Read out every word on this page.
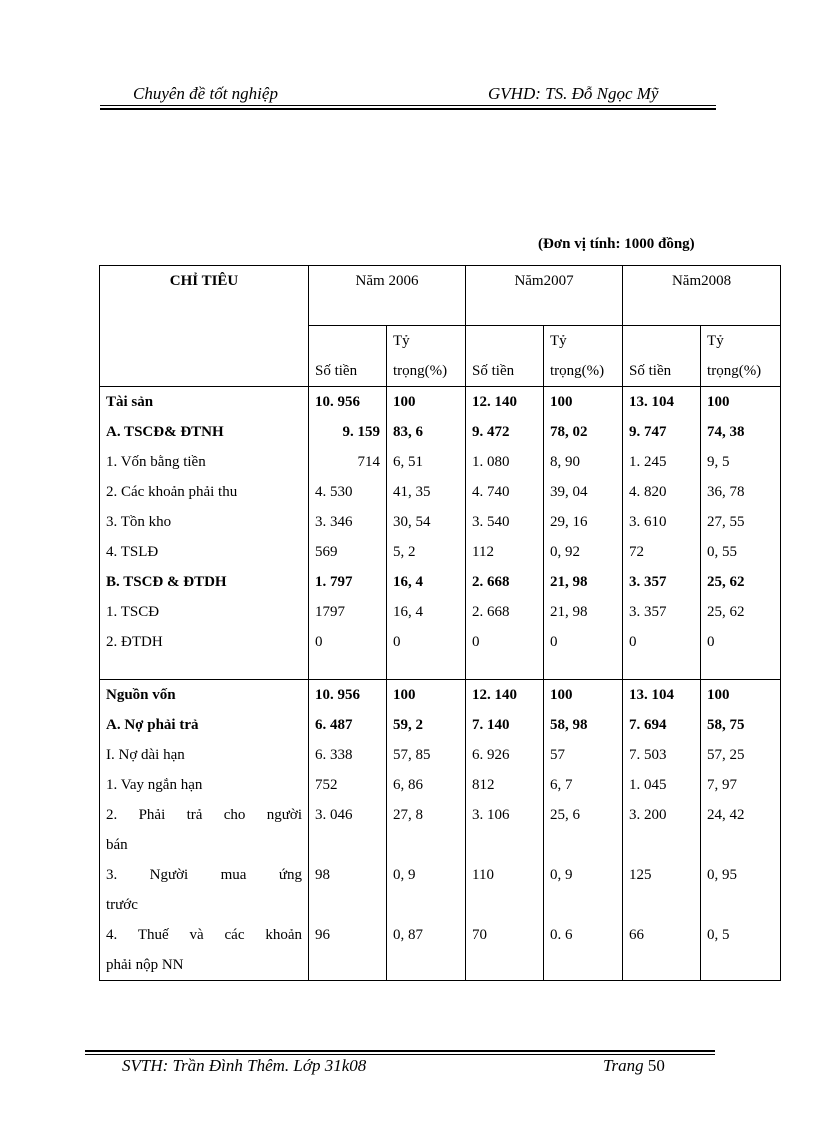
Chuyên đề tốt nghiệp	GVHD: TS. Đỗ Ngọc Mỹ
(Đơn vị tính: 1000 đồng)
CHỈ TIÊU	Năm 2006		Năm2007		Năm2008	

Số tiền	Tỷ trọng(%)	Số tiền	Tỷ trọng(%)	Số tiền	Tỷ trọng(%)
Tài sản	10. 956	100	12. 140	100	13. 104	100
A. TSCĐ& ĐTNH	9. 159	83, 6	9. 472	78, 02	9. 747	74, 38
1. Vốn bằng tiền	714	6, 51	1. 080	8, 90	1. 245	9, 5
2. Các khoản phải thu	4. 530	41, 35	4. 740	39, 04	4. 820	36, 78
3. Tồn kho	3. 346	30, 54	3. 540	29, 16	3. 610	27, 55
4. TSLĐ	569	5, 2	112	0, 92	72	0, 55
B. TSCĐ & ĐTDH	1. 797	16, 4	2. 668	21, 98	3. 357	25, 62
1. TSCĐ	1797	16, 4	2. 668	21, 98	3. 357	25, 62
2. ĐTDH	0	0	0	0	0	0

Nguồn vốn	10. 956	100	12. 140	100	13. 104	100
A. Nợ phải trả	6. 487	59, 2	7. 140	58, 98	7. 694	58, 75
I. Nợ dài hạn	6. 338	57, 85	6. 926	57	7. 503	57, 25
1. Vay ngắn hạn	752	6, 86	812	6, 7	1. 045	7, 97

2. Phải trả cho người
bán	3. 046	27, 8	3. 106	25, 6	3. 200	24, 42

3. Người mua ứng
trước	98	0, 9	110	0, 9	125	0, 95

4. Thuế và các khoản
phải nộp NN	96	0, 87	70	0. 6	66	0, 5
SVTH: Trần Đình Thêm. Lớp 31k08	Trang 50
